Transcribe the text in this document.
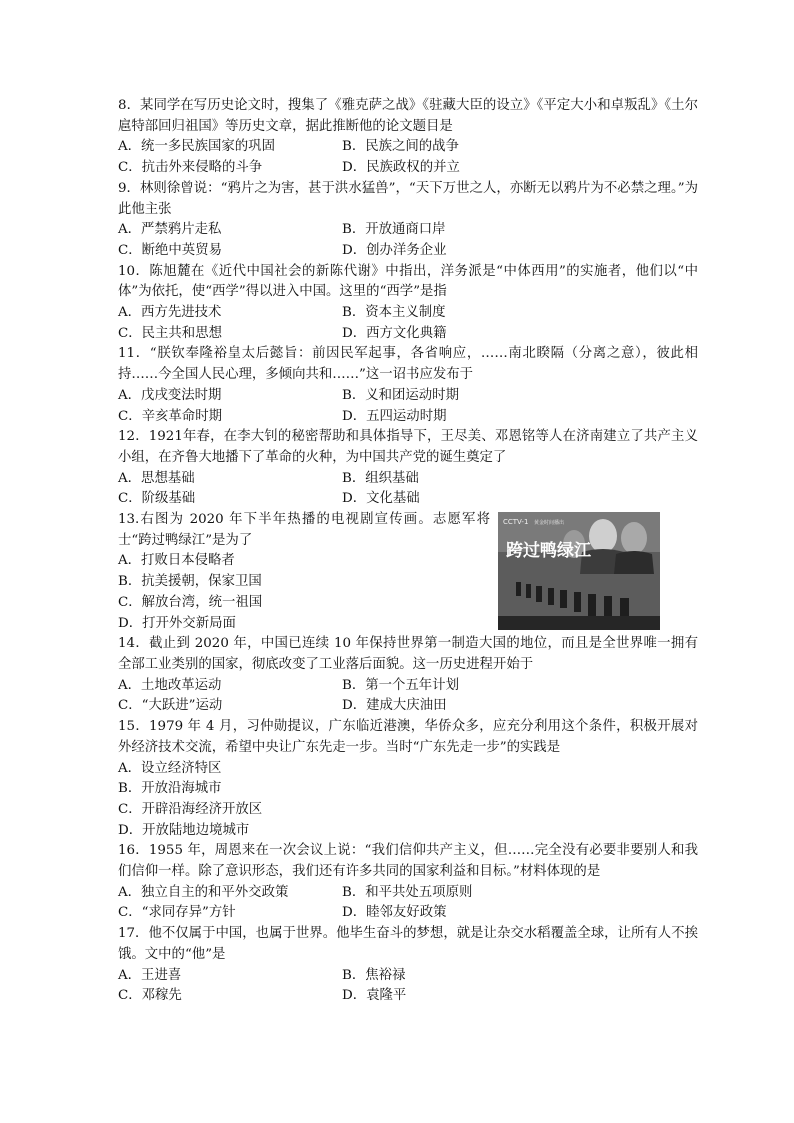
8．某同学在写历史论文时，搜集了《雅克萨之战》《驻藏大臣的设立》《平定大小和卓叛乱》《土尔扈特部回归祖国》等历史文章，据此推断他的论文题目是

A．统一多民族国家的巩固	B．民族之间的战争
C．抗击外来侵略的斗争	D．民族政权的并立

9．林则徐曾说：“鸦片之为害，甚于洪水猛兽”，“天下万世之人，亦断无以鸦片为不必禁之理。”为此他主张

A．严禁鸦片走私	B．开放通商口岸
C．断绝中英贸易	D．创办洋务企业

10．陈旭麓在《近代中国社会的新陈代谢》中指出，洋务派是“中体西用”的实施者，他们以“中体”为依托，使“西学”得以进入中国。这里的“西学”是指

A．西方先进技术	B．资本主义制度
C．民主共和思想	D．西方文化典籍

11．“朕钦奉隆裕皇太后懿旨：前因民军起事，各省响应，……南北睽隔（分离之意），彼此相持……今全国人民心理，多倾向共和……”这一诏书应发布于

A．戊戌变法时期	B．义和团运动时期
C．辛亥革命时期	D．五四运动时期

12．1921年春，在李大钊的秘密帮助和具体指导下，王尽美、邓恩铭等人在济南建立了共产主义小组，在齐鲁大地播下了革命的火种，为中国共产党的诞生奠定了

A．思想基础	B．组织基础
C．阶级基础	D．文化基础

13.右图为 2020 年下半年热播的电视剧宣传画。志愿军将士“跨过鸭绿江”是为了

A．打败日本侵略者
B．抗美援朝，保家卫国
C．解放台湾，统一祖国
D．打开外交新局面
CCTV-1 黄金时间播出
跨过鸭绿江

14．截止到 2020 年，中国已连续 10 年保持世界第一制造大国的地位，而且是全世界唯一拥有全部工业类别的国家，彻底改变了工业落后面貌。这一历史进程开始于

A．土地改革运动	B．第一个五年计划
C．“大跃进”运动	D．建成大庆油田

15．1979 年 4 月，习仲勋提议，广东临近港澳，华侨众多，应充分利用这个条件，积极开展对外经济技术交流，希望中央让广东先走一步。当时“广东先走一步”的实践是

A．设立经济特区
B．开放沿海城市
C．开辟沿海经济开放区
D．开放陆地边境城市

16．1955 年，周恩来在一次会议上说：“我们信仰共产主义，但……完全没有必要非要别人和我们信仰一样。除了意识形态，我们还有许多共同的国家利益和目标。”材料体现的是

A．独立自主的和平外交政策	B．和平共处五项原则
C．“求同存异”方针	D．睦邻友好政策

17．他不仅属于中国，也属于世界。他毕生奋斗的梦想，就是让杂交水稻覆盖全球，让所有人不挨饿。文中的“他”是

A．王进喜	B．焦裕禄
C．邓稼先	D．袁隆平
